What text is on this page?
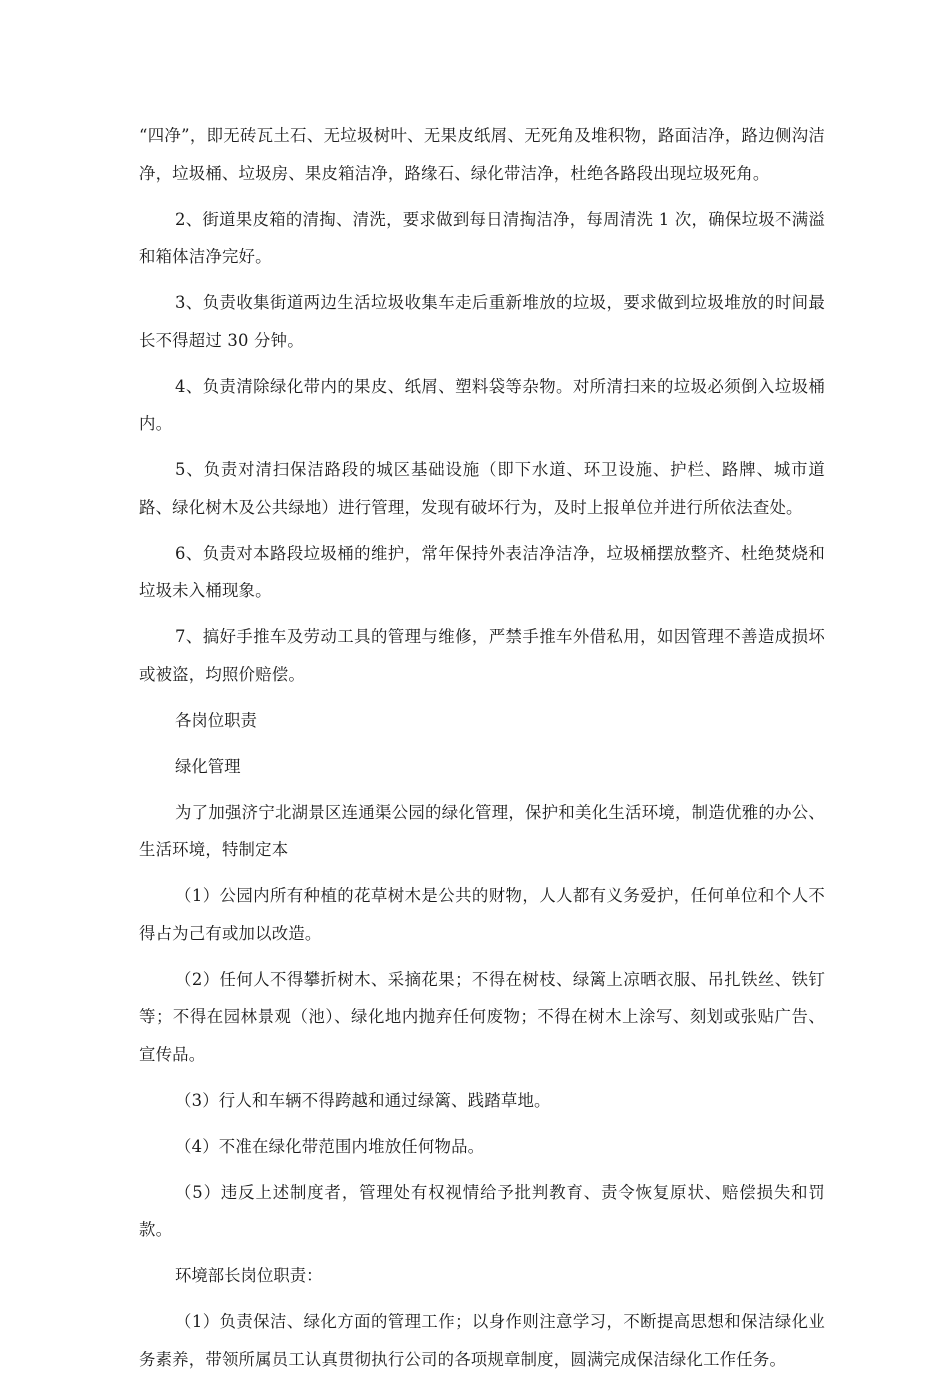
“四净”，即无砖瓦土石、无垃圾树叶、无果皮纸屑、无死角及堆积物，路面洁净，路边侧沟洁净，垃圾桶、垃圾房、果皮箱洁净，路缘石、绿化带洁净，杜绝各路段出现垃圾死角。

2、街道果皮箱的清掏、清洗，要求做到每日清掏洁净，每周清洗 1 次，确保垃圾不满溢和箱体洁净完好。

3、负责收集街道两边生活垃圾收集车走后重新堆放的垃圾，要求做到垃圾堆放的时间最长不得超过 30 分钟。

4、负责清除绿化带内的果皮、纸屑、塑料袋等杂物。对所清扫来的垃圾必须倒入垃圾桶内。

5、负责对清扫保洁路段的城区基础设施（即下水道、环卫设施、护栏、路牌、城市道路、绿化树木及公共绿地）进行管理，发现有破坏行为，及时上报单位并进行所依法查处。

6、负责对本路段垃圾桶的维护，常年保持外表洁净洁净，垃圾桶摆放整齐、杜绝焚烧和垃圾未入桶现象。

7、搞好手推车及劳动工具的管理与维修，严禁手推车外借私用，如因管理不善造成损坏或被盗，均照价赔偿。

各岗位职责

绿化管理

为了加强济宁北湖景区连通渠公园的绿化管理，保护和美化生活环境，制造优雅的办公、生活环境，特制定本

（1）公园内所有种植的花草树木是公共的财物，人人都有义务爱护，任何单位和个人不得占为己有或加以改造。

（2）任何人不得攀折树木、采摘花果；不得在树枝、绿篱上凉晒衣服、吊扎铁丝、铁钉等；不得在园林景观（池）、绿化地内抛弃任何废物；不得在树木上涂写、刻划或张贴广告、宣传品。

（3）行人和车辆不得跨越和通过绿篱、践踏草地。

（4）不准在绿化带范围内堆放任何物品。

（5）违反上述制度者，管理处有权视情给予批判教育、责令恢复原状、赔偿损失和罚款。

环境部长岗位职责：

（1）负责保洁、绿化方面的管理工作；以身作则注意学习，不断提高思想和保洁绿化业务素养，带领所属员工认真贯彻执行公司的各项规章制度，圆满完成保洁绿化工作任务。
